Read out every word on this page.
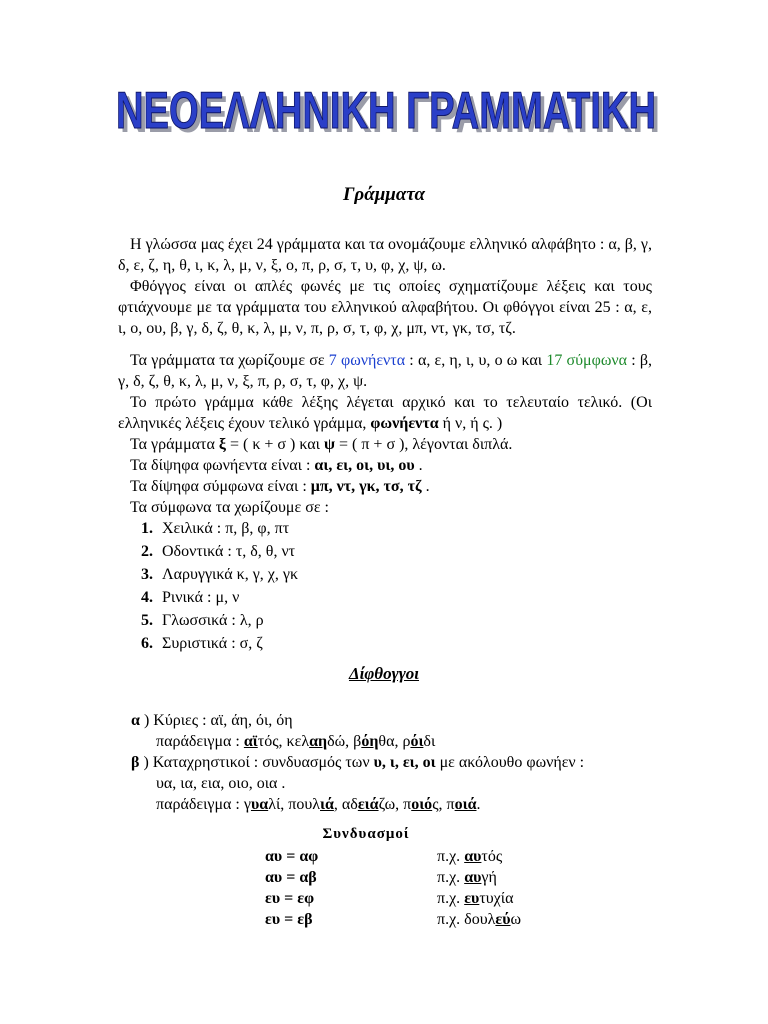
ΝΕΟΕΛΛΗΝΙΚΗ ΓΡΑΜΜΑΤΙΚΗ
ΝΕΟΕΛΛΗΝΙΚΗ ΓΡΑΜΜΑΤΙΚΗ
Γράμματα

Η γλώσσα μας έχει 24 γράμματα και τα ονομάζουμε ελληνικό αλφάβητο : α, β, γ, δ, ε, ζ, η, θ, ι, κ, λ, μ, ν, ξ, ο, π, ρ, σ, τ, υ, φ, χ, ψ, ω.

Φθόγγος είναι οι απλές φωνές με τις οποίες σχηματίζουμε λέξεις και τους φτιάχνουμε με τα γράμματα του ελληνικού αλφαβήτου. Οι φθόγγοι είναι 25 : α, ε, ι, ο, ου, β, γ, δ, ζ, θ, κ, λ, μ, ν, π, ρ, σ, τ, φ, χ, μπ, ντ, γκ, τσ, τζ.

Τα γράμματα τα χωρίζουμε σε 7 φωνήεντα : α, ε, η, ι, υ, ο ω και 17 σύμφωνα : β, γ, δ, ζ, θ, κ, λ, μ, ν, ξ, π, ρ, σ, τ, φ, χ, ψ.

Το πρώτο γράμμα κάθε λέξης λέγεται αρχικό και το τελευταίο τελικό. (Οι ελληνικές λέξεις έχουν τελικό γράμμα, φωνήεντα ή ν, ή ς. )

Τα γράμματα ξ = ( κ + σ ) και ψ = ( π + σ ), λέγονται διπλά.
Τα δίψηφα φωνήεντα είναι : αι, ει, οι, υι, ου .
Τα δίψηφα σύμφωνα είναι : μπ, ντ, γκ, τσ, τζ .
Τα σύμφωνα τα χωρίζουμε σε :
1. Χειλικά : π, β, φ, πτ
2. Οδοντικά : τ, δ, θ, ντ
3. Λαρυγγικά κ, γ, χ, γκ
4. Ρινικά : μ, ν
5. Γλωσσικά : λ, ρ
6. Συριστικά : σ, ζ
Δίφθογγοι
α ) Κύριες : αϊ, άη, όι, όη
παράδειγμα : αϊτός, κελαηδώ, βόηθα, ρόιδι
β ) Καταχρηστικοί : συνδυασμός των υ, ι, ει, οι με ακόλουθο φωνήεν :
υα, ια, εια, οιο, οια .
παράδειγμα : γυαλί, πουλιά, αδειάζω, ποιός, ποιά.
Συνδυασμοί
αυ = αφ	π.χ. αυτός
αυ = αβ	π.χ. αυγή
ευ = εφ	π.χ. ευτυχία
ευ = εβ	π.χ. δουλεύω
